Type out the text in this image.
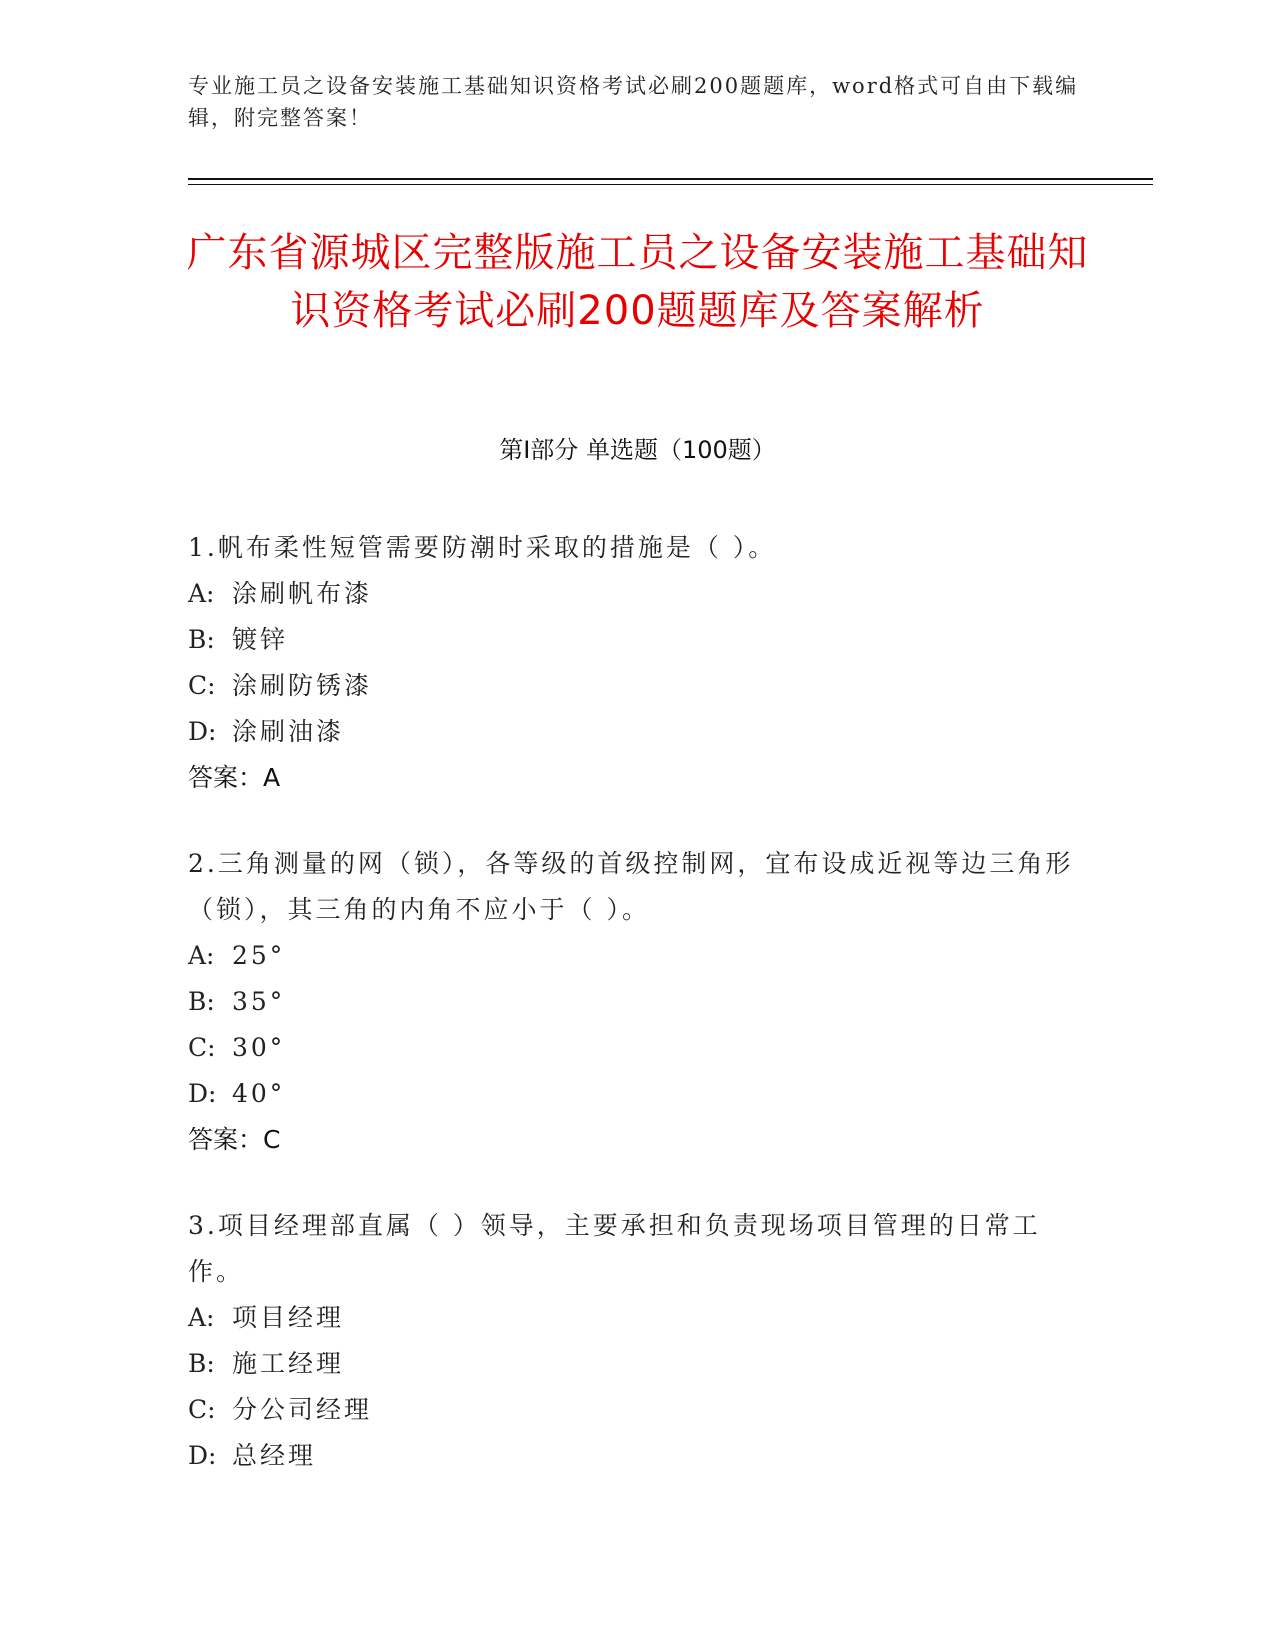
专业施工员之设备安装施工基础知识资格考试必刷200题题库，word格式可自由下载编辑，附完整答案！

广东省源城区完整版施工员之设备安装施工基础知识资格考试必刷200题题库及答案解析
第Ⅰ部分 单选题（100题）

1.帆布柔性短管需要防潮时采取的措施是（ ）。

A: 涂刷帆布漆

B: 镀锌

C: 涂刷防锈漆

D: 涂刷油漆

答案：A

2.三角测量的网（锁），各等级的首级控制网，宜布设成近视等边三角形（锁），其三角的内角不应小于（ ）。

A: 25°

B: 35°

C: 30°

D: 40°

答案：C

3.项目经理部直属（ ）领导，主要承担和负责现场项目管理的日常工作。

A: 项目经理

B: 施工经理

C: 分公司经理

D: 总经理
